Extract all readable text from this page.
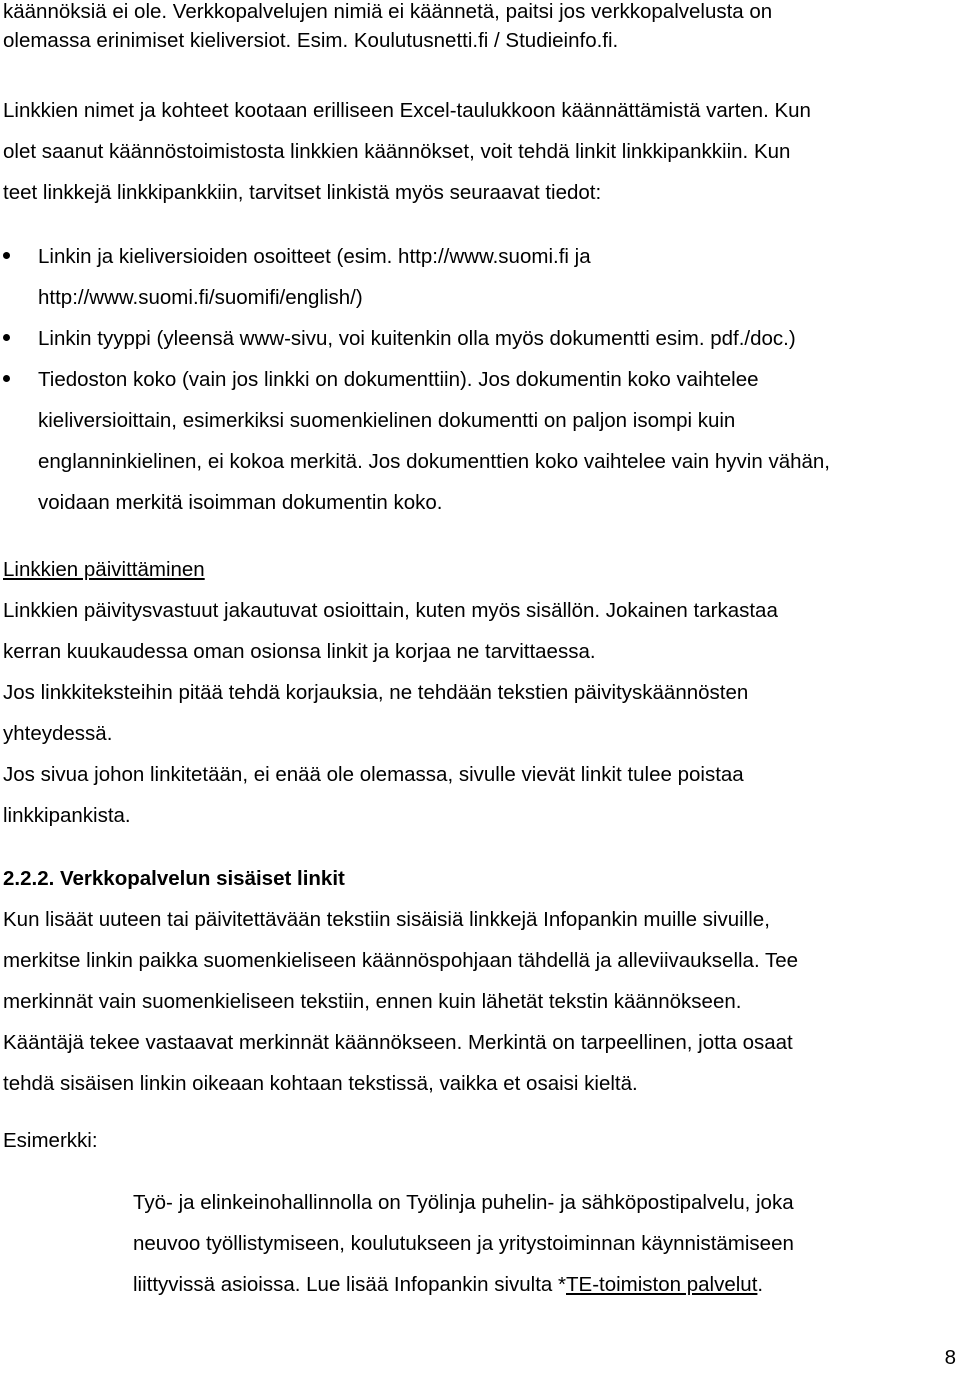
käännöksiä ei ole. Verkkopalvelujen nimiä ei käännetä, paitsi jos verkkopalvelusta on

olemassa erinimiset kieliversiot. Esim. Koulutusnetti.fi / Studieinfo.fi.

Linkkien nimet ja kohteet kootaan erilliseen Excel-taulukkoon käännättämistä varten. Kun

olet saanut käännöstoimistosta linkkien käännökset, voit tehdä linkit linkkipankkiin. Kun

teet linkkejä linkkipankkiin, tarvitset linkistä myös seuraavat tiedot:

Linkin ja kieliversioiden osoitteet (esim. http://www.suomi.fi ja
http://www.suomi.fi/suomifi/english/)
Linkin tyyppi (yleensä www-sivu, voi kuitenkin olla myös dokumentti esim. pdf./doc.)
Tiedoston koko (vain jos linkki on dokumenttiin). Jos dokumentin koko vaihtelee
kieliversioittain, esimerkiksi suomenkielinen dokumentti on paljon isompi kuin
englanninkielinen, ei kokoa merkitä. Jos dokumenttien koko vaihtelee vain hyvin vähän,
voidaan merkitä isoimman dokumentin koko.

Linkkien päivittäminen

Linkkien päivitysvastuut jakautuvat osioittain, kuten myös sisällön. Jokainen tarkastaa

kerran kuukaudessa oman osionsa linkit ja korjaa ne tarvittaessa.

Jos linkkiteksteihin pitää tehdä korjauksia, ne tehdään tekstien päivityskäännösten

yhteydessä.

Jos sivua johon linkitetään, ei enää ole olemassa, sivulle vievät linkit tulee poistaa

linkkipankista.

2.2.2. Verkkopalvelun sisäiset linkit

Kun lisäät uuteen tai päivitettävään tekstiin sisäisiä linkkejä Infopankin muille sivuille,

merkitse linkin paikka suomenkieliseen käännöspohjaan tähdellä ja alleviivauksella. Tee

merkinnät vain suomenkieliseen tekstiin, ennen kuin lähetät tekstin käännökseen.

Kääntäjä tekee vastaavat merkinnät käännökseen. Merkintä on tarpeellinen, jotta osaat

tehdä sisäisen linkin oikeaan kohtaan tekstissä, vaikka et osaisi kieltä.

Esimerkki:

Työ- ja elinkeinohallinnolla on Työlinja puhelin- ja sähköpostipalvelu, joka

neuvoo työllistymiseen, koulutukseen ja yritystoiminnan käynnistämiseen

liittyvissä asioissa. Lue lisää Infopankin sivulta *TE-toimiston palvelut.

8
